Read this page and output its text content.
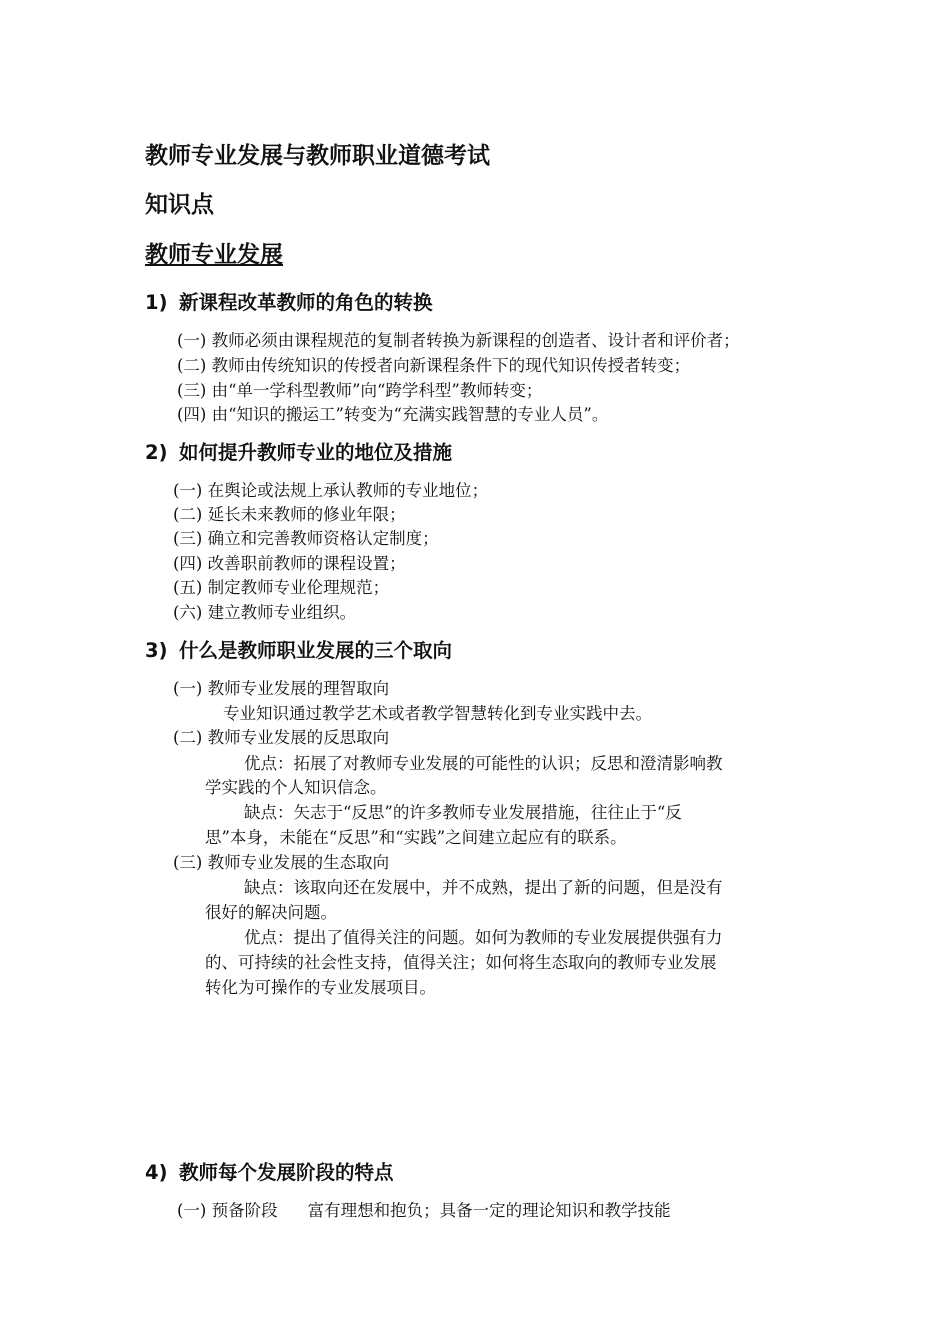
教师专业发展与教师职业道德考试
知识点
教师专业发展
1) 新课程改革教师的角色的转换
(一) 教师必须由课程规范的复制者转换为新课程的创造者、设计者和评价者；
(二) 教师由传统知识的传授者向新课程条件下的现代知识传授者转变；
(三) 由“单一学科型教师”向“跨学科型”教师转变；
(四) 由“知识的搬运工”转变为“充满实践智慧的专业人员”。
2) 如何提升教师专业的地位及措施
(一) 在舆论或法规上承认教师的专业地位；
(二) 延长未来教师的修业年限；
(三) 确立和完善教师资格认定制度；
(四) 改善职前教师的课程设置；
(五) 制定教师专业伦理规范；
(六) 建立教师专业组织。
3) 什么是教师职业发展的三个取向
(一) 教师专业发展的理智取向
专业知识通过教学艺术或者教学智慧转化到专业实践中去。
(二) 教师专业发展的反思取向
优点：拓展了对教师专业发展的可能性的认识；反思和澄清影响教
学实践的个人知识信念。
缺点：矢志于“反思”的许多教师专业发展措施，往往止于“反
思”本身，未能在“反思”和“实践”之间建立起应有的联系。
(三) 教师专业发展的生态取向
缺点：该取向还在发展中，并不成熟，提出了新的问题，但是没有
很好的解决问题。
优点：提出了值得关注的问题。如何为教师的专业发展提供强有力
的、可持续的社会性支持，值得关注；如何将生态取向的教师专业发展
转化为可操作的专业发展项目。
4) 教师每个发展阶段的特点
(一) 预备阶段 富有理想和抱负；具备一定的理论知识和教学技能
